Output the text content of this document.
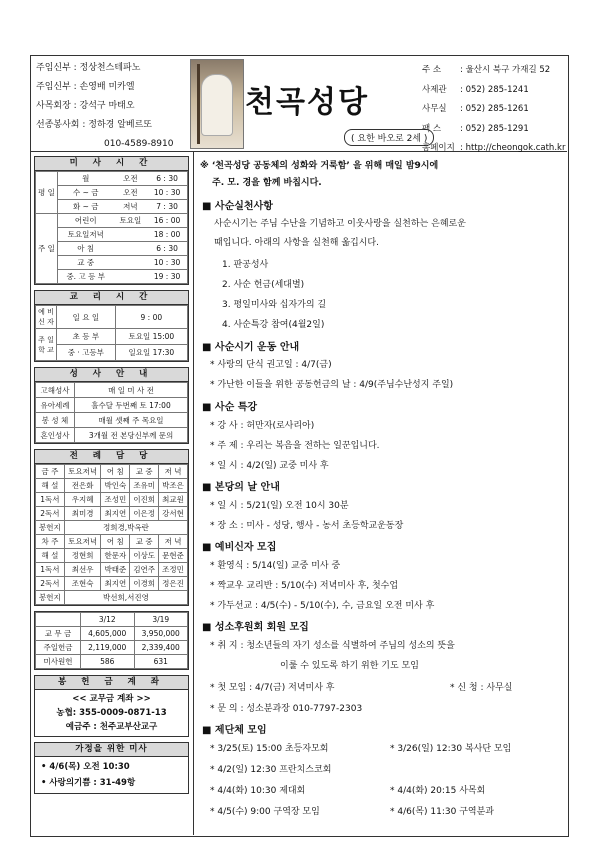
주임신부 : 정상천스테파노
주임신부 : 손영배 미카엘
사목회장 : 강석구 마태오
선종봉사회 : 정하경 알베르또
010-4589-8910
천곡성당
( 요한 바오로 2세 )
주 소 : 울산시 북구 가재길 52
사제관 : 052) 285-1241
사무실 : 052) 285-1261
팩 스 : 052) 285-1291
홈페이지 : http://cheongok.cath.kr
미 사 시 간
평 일	월	오전	6 : 30
	수 ~ 금	오전	10 : 30
	화 ~ 금	저녁	7 : 30
주 일	어린이	토요일	16 : 00
	토요일저녁		18 : 00
	아 침		6 : 30
	교 중		10 : 30
	중. 고 등 부		19 : 30
교 리 시 간
예 비 신 자	일 요 일	9 : 00
주 일 학 교	초 등 부	토요일 15:00
	중 · 고등부	일요일 17:30
성 사 안 내
고해성사	매 일 미 사 전
유아세례	홀수달 두번째 토 17:00
봉 성 체	매월 셋째 주 목요일
혼인성사	3개월 전 본당신부께 문의
전 례 담 당
금 주	토요저녁	어 침	교 중	저 녁
해 설	전은화	박인숙	조유미	박조은
1독서	우지혜	조성민	이진희	최교원
2독서	최미경	최지연	이은정	강서현
봉헌지	정희경,박옥란			
차 주	토요저녁	어 침	교 중	저 녁
해 설	정현희	한문자	이상도	문현준
1독서	최선우	박태준	김연주	조정민
2독서	조현숙	최지연	이경희	정은진
봉헌지	박선희,서진영			
	3/12	3/19
교 무 금	4,605,000	3,950,000
주일헌금	2,119,000	2,339,400
미사원헌	586	631
봉 헌 금 계 좌
<< 교무금 계좌 >>
농협: 355-0009-0871-13
예금주 : 천주교부산교구
가정을 위한 미사
• 4/6(목) 오전 10:30
• 사랑의기쁨 : 31-49항
※ ‘천곡성당 공동체의 성화와 거룩함’ 을 위해 매일 밤9시에
주. 모. 경을 함께 바칩시다.
■ 사순실천사항
사순시기는 주님 수난을 기념하고 이웃사랑을 실천하는 은혜로운
때입니다. 아래의 사항을 실천해 옮깁시다.
1. 판공성사
2. 사순 헌금(세대별)
3. 평일미사와 십자가의 길
4. 사순특강 참여(4월2일)
■ 사순시기 운동 안내
* 사랑의 단식 권고일 : 4/7(금)
* 가난한 이들을 위한 공동헌금의 날 : 4/9(주님수난성지 주일)
■ 사순 특강
* 강 사 : 허만자(로사리아)
* 주 제 : 우리는 복음을 전하는 일꾼입니다.
* 일 시 : 4/2(일) 교중 미사 후
■ 본당의 날 안내
* 일 시 : 5/21(일) 오전 10시 30분
* 장 소 : 미사 - 성당, 행사 - 농서 초등학교운동장
■ 예비신자 모집
* 환영식 : 5/14(일) 교중 미사 중
* 짝교우 교리반 : 5/10(수) 저녁미사 후, 첫수업
* 가두선교 : 4/5(수) - 5/10(수), 수, 금요일 오전 미사 후
■ 성소후원회 회원 모집
* 취 지 : 청소년들의 자기 성소를 식별하여 주님의 성소의 뜻을
이룰 수 있도록 하기 위한 기도 모임
* 첫 모임 : 4/7(금) 저녁미사 후	* 신 청 : 사무실
* 문 의 : 성소분과장 010-7797-2303
■ 제단체 모임
* 3/25(토) 15:00 초등자모회	* 3/26(일) 12:30 복사단 모임
* 4/2(일) 12:30 프란치스코회
* 4/4(화) 10:30 제대회	* 4/4(화) 20:15 사목회
* 4/5(수) 9:00 구역장 모임	* 4/6(목) 11:30 구역분과
